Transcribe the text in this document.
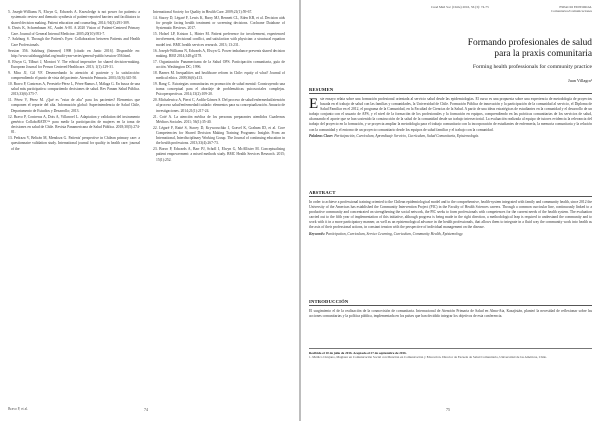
5. Joseph-Williams N, Elwyn G, Edwards A. Knowledge is not power for patients: a systematic review and thematic synthesis of patient-reported barriers and facilitators to shared decision making. Patient education and counseling. 2014; 94(3):291-309.
6. Davis K, Schoenbaum SC, Audet A-M. A 2020 Vision of Patient-Centered Primary Care. Journal of General Internal Medicine. 2005;20(10):953-7.
7. Salzburg S. Through the Patient's Eyes: Collaboration between Patients and Health Care Professionals.
Session 356. Salzburg (Internet) 1998 [citado en Junio 2016]. Disponible en: http://www.salzburgglobal.org/multi-year-series/general-public/session-356.html.
8. Elwyn G, Tilburt J, Montori V. The ethical imperative for shared decision-making. European Journal for Person Centered Healthcare. 2013; 1(1):129-31.
9. Mira JJ, Gil VF. Desenredando la atención al paciente y la satisfacción: comprendiendo el punto de vista del paciente. Atención Primaria. 2003;31(6):345-50.
10. Bravo P, Contreras A, Perestelo-Pérez L, Pérez-Ramos J, Málaga G. En busca de una salud más participativa: compartiendo decisiones de salud. Rev Panam Salud Pública. 2013;33(6):375-7.
11. Pérez V, Pérez M. ¿Qué es "estar de alta" para los pacientes? Elementos que componen el reporte del alta. Información global: Superintendencia de Salud Chile, Departamento de Estudios y Desarrollo; 2013.
12. Bravo P, Contreras A, Dois A, Villarroel L. Adaptation y validation del instrumento genérico CollaboRATE™ para medir la participación de mujeres en la toma de decisiones en salud de Chile. Revista Panamericana de Salud Pública. 2018;30(5):274-81.
13. Pedraza V, Beltrán M, Mendoza G. Patients' perspective in Chilean primary care: a questionnaire validation study. International journal for quality in health care: journal of the
International Society for Quality in Health Care. 2009;21(1):59-67.
14. Stacey D, Légaré F, Lewis K, Barry MJ, Bennett CL, Eden KB, et al. Decision aids for people facing health treatment or screening decisions. Cochrane Database of Systematic Reviews. 2017.
15. Holzel LP, Kriston L, Härter M. Patient preference for involvement, experienced involvement, decisional conflict, and satisfaction with physician: a structural equation model test. BMC health services research. 2013; 13:231.
16. Joseph-Williams N, Edwards A, Elwyn G. Power imbalance prevents shared decision making. BMJ 2014;348:g3178.
17. Organización Panamericana de la Salud OPS. Participación comunitaria, guía de acción. Washington DC; 1996.
18. Barnes M. Inequalities and healthcare reform in Chile: equity of what? Journal of medical ethics. 2009;36(6):413.
19. Bang C. Estrategias comunitarias en promoción de salud mental: Construyendo una trama conceptual para el abordaje de problemáticas psicosociales complejas. Psicoperspectivas. 2014;13(2):109-20.
20. Michalewicz A, Pierri C, Ardila-Gómez S. Del proceso de salud/enfermedad/atención al proceso salud/enfermedad/cuidado: elementos para su conceptualización. Anuario de investigaciones. 2014;21(1):217-24.
21. Coté A. La atención médica de los personas preparantes atendidos Cuadernos Médicos Sociales. 2011; 56(1):35-40.
22. Légaré F, Ratté S, Stacey D, Kryworuchko J, Gravel K, Graham ID, et al. Core Competencies for Shared Decision Making Training Programs: Insights From an International, Interdisciplinary Working Group. The Journal of continuing education in the health professions. 2013;33(4):267-73.
23. Bravo P, Edwards A, Barr PJ, Scholl I, Elwyn G, McAllister M. Conceptualising patient empowerment: a mixed methods study. BMC Health Services Research. 2015; 15(1):252.
Bravo P, et al.	74
Cuad Méd Soc (Chile) 2016, 56 (3): 74-75	ESPACIO EDITORIAL
Comentarios/Comunicaciones
Formando profesionales de salud
para la praxis comunitaria
Forming health professionals for community practice
Juan Villagra¹
RESUMEN
Este ensayo relata sobre una formación profesional orientada al servicio salud desde las epidemiologías. El curso es una propuesta sobre una experiencia de metodología de proyectos basada en el trabajo de salud con las familias y comunidades, la Universidad de Chile. Formación Pública de innovación y la participación de la comunidad al servicio, el Diploma de Salud Familiar en el 2012, el programa de la Comunidad, en la Facultad de Ciencias de la Salud. A partir de una ideas estratégicas de estudiantes en la comunidad y el desarrollo de un trabajo conjunto con el usuario de APS, y el nivel de la formación de los profesionales y la formación en equipos, comprendiendo en las prácticas comunitarias de los servicios de salud, alcanzando el aporte que se han sostenido la construcción de la salud de la comunidad desde un trabajo intersectorial. La evaluación realizada al equipo de tutores evidencia la relevancia del trabajo del proyecto en la formación, y se proyecta ampliar la metodología para el trabajo comunitario con la incorporación de estudiantes de enfermería, la memoria comunitaria y la relación con la comunidad y el entorno de un proyecto comunitario desde los equipos de salud familiar y el trabajo con la comunidad.
Palabras Clave: Participación, Currículum, Aprendizaje Servicio, Currículum, Salud Comunitaria, Epistemología.
ABSTRACT
In order to achieve a professional training oriented to the Chilean epidemiological model and to the comprehensive, health-system integrated with family and community health, since 2012 the University of the Americas has established the Community Intervention Project (PIC) in the Faculty of Health Sciences careers. Through a common curricular line, continuously linked to a productive community and concentrated on strengthening the social network, the PIC seeks to form professionals with competences for the current needs of the health system. The evaluation carried out to the fifth year of implementation of this initiative, although progress is being made in the right direction, a methodological leap is required to understand the community and to work with it in a more participatory manner, as well as an epistemological advance in the health professionals, that allows them to integrate in a fluid way the community work into health as the axis of their professional actions, in constant tension with the perspective of individual management on the disease.
Keywords: Participation, Curriculum, Service Learning, Curriculum, Community Health, Epistemology.
INTRODUCCIÓN
El surgimiento el de la realización de la cosmovisión de comunitaria. Internacional de Atención Primaria de Salud en Alma-Ata, Kazajistán, planteó la necesidad de reflexionar sobre las acciones comunitarias y la política pública, implementada en los países que han decidido integrar los objetivos de esta conferencia.
Recibido el 10 de julio de 2016. Aceptado el 27 de septiembre de 2016.
1. Médico Cirujano, Magíster en Comunicación Social con Mención en Comunicación y Educación. Director de Escuela de Salud Comunitaria, Universidad de las Américas, Chile.
75
